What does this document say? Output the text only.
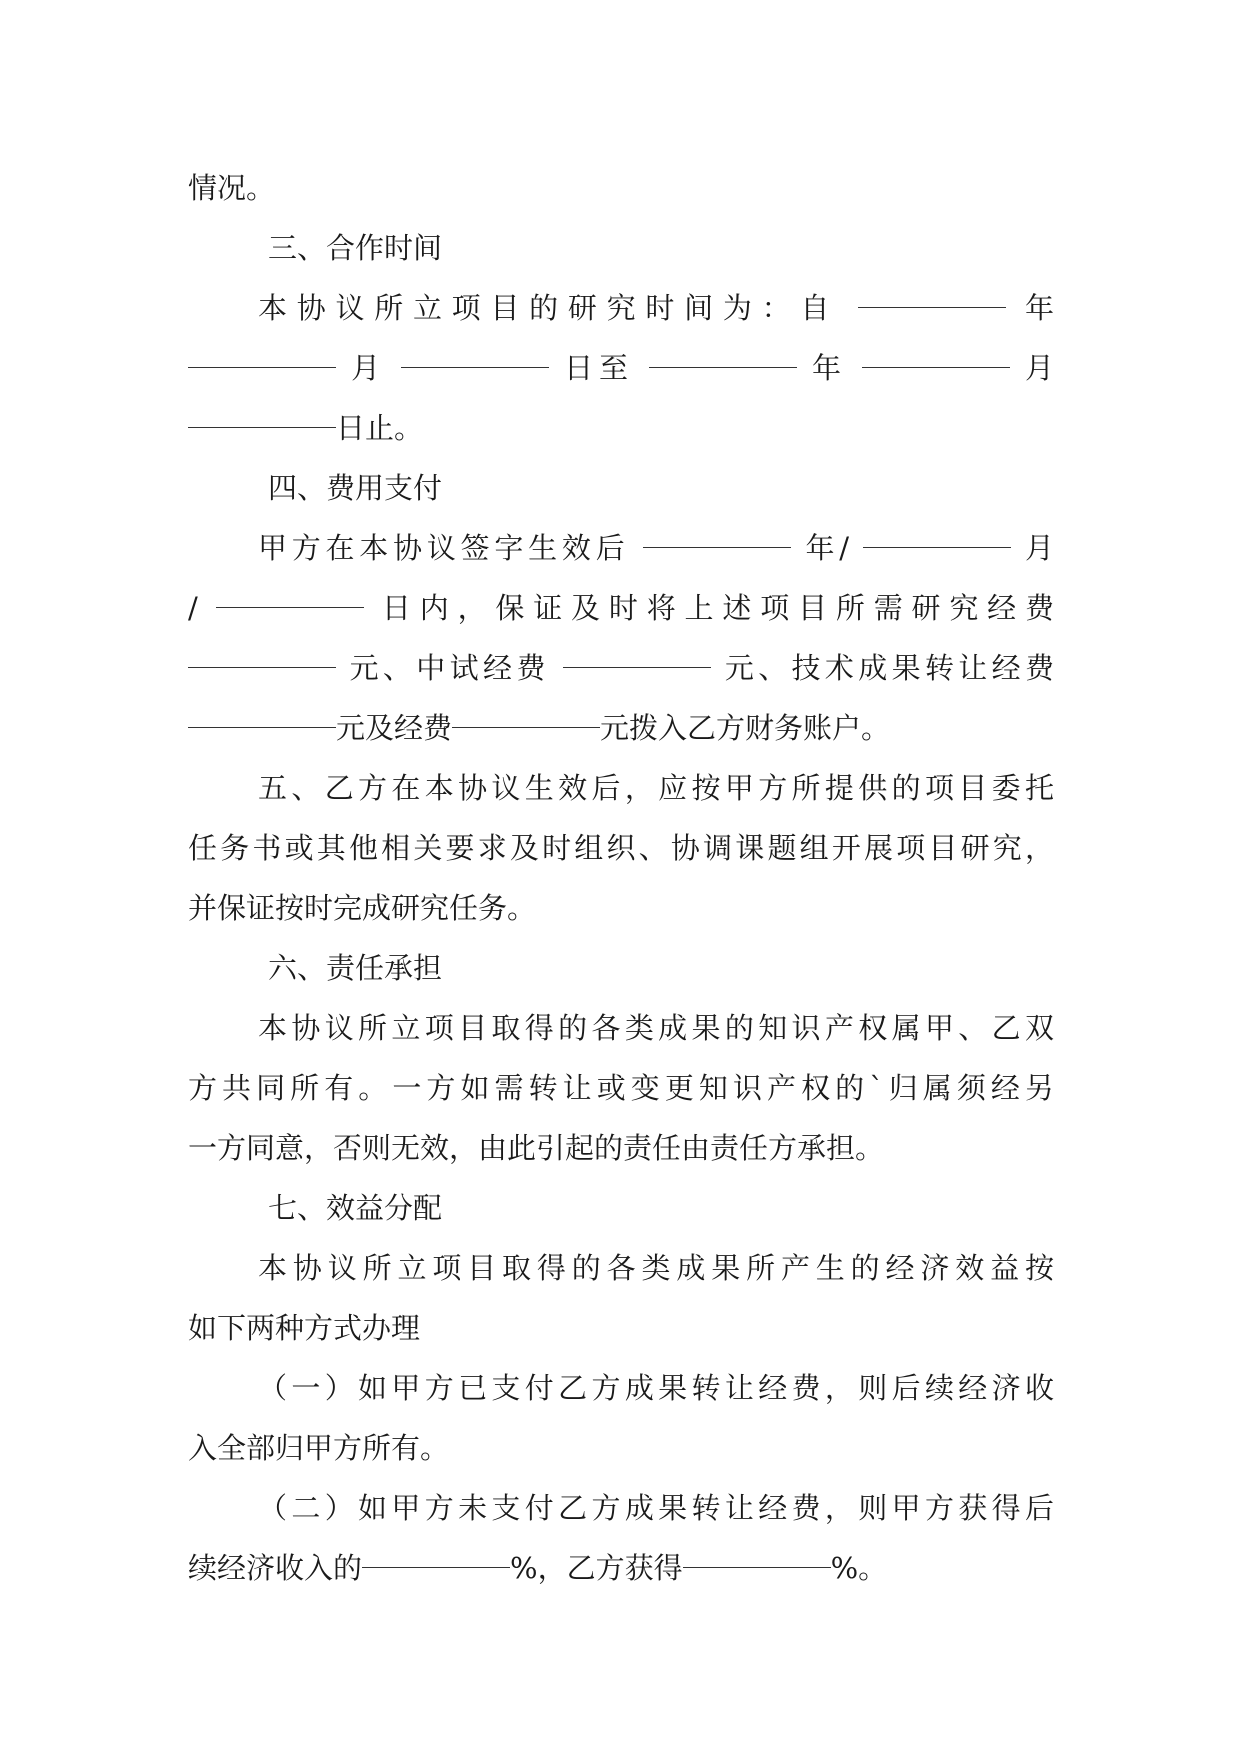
情况。
三、合作时间
本协议所立项目的研究时间为：自	年
月	日至	年	月
日止。
四、费用支付
甲方在本协议签字生效后	年/	月
/	日内，保证及时将上述项目所需研究经费
元、中试经费	元、技术成果转让经费
元及经费	元拨入乙方财务账户。
五、乙方在本协议生效后，应按甲方所提供的项目委托
任务书或其他相关要求及时组织、协调课题组开展项目研究，
并保证按时完成研究任务。
六、责任承担
本协议所立项目取得的各类成果的知识产权属甲、乙双
方共同所有。一方如需转让或变更知识产权的`归属须经另
一方同意，否则无效，由此引起的责任由责任方承担。
七、效益分配
本协议所立项目取得的各类成果所产生的经济效益按
如下两种方式办理
（一）如甲方已支付乙方成果转让经费，则后续经济收
入全部归甲方所有。
（二）如甲方未支付乙方成果转让经费，则甲方获得后
续经济收入的	%，乙方获得	%。
